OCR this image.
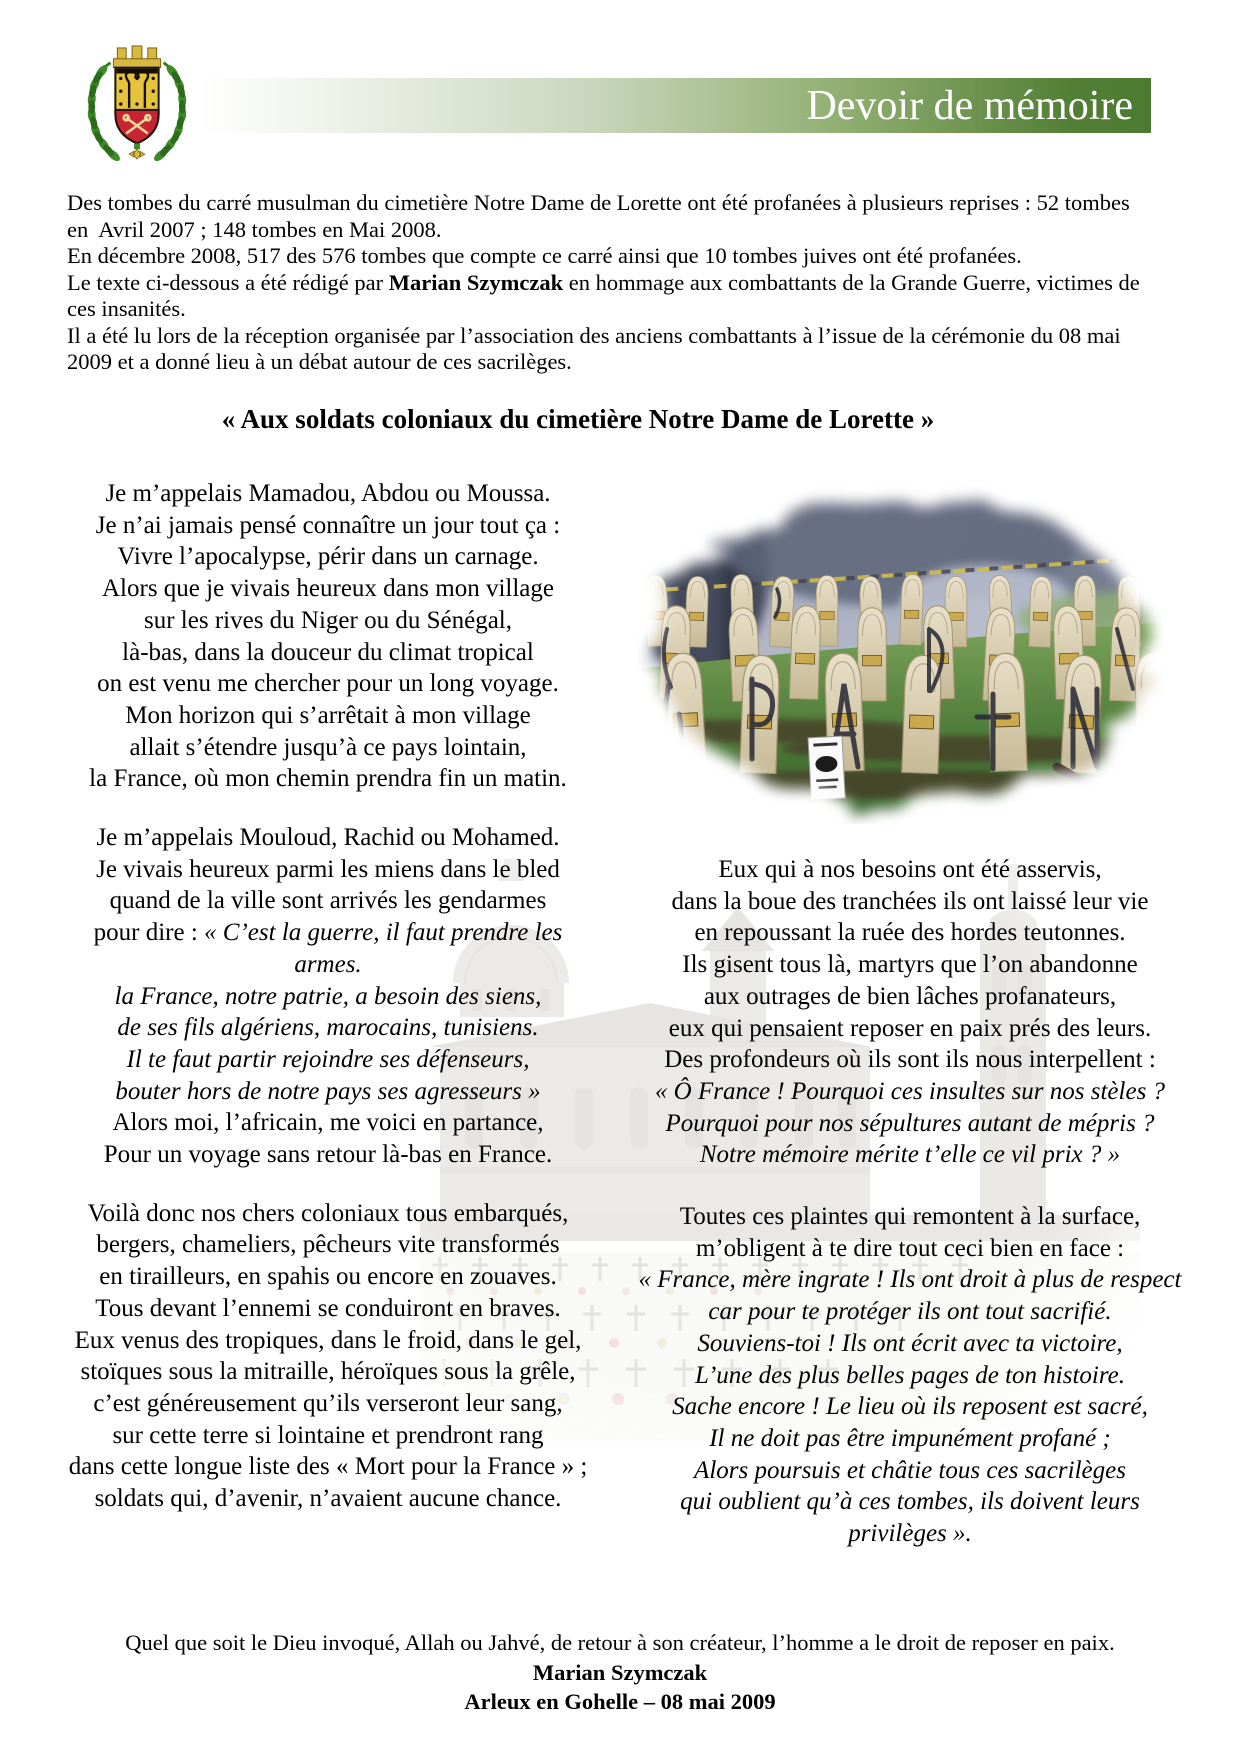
Devoir de mémoire
Des tombes du carré musulman du cimetière Notre Dame de Lorette ont été profanées à plusieurs reprises : 52 tombes
en  Avril 2007 ; 148 tombes en Mai 2008.
En décembre 2008, 517 des 576 tombes que compte ce carré ainsi que 10 tombes juives ont été profanées.
Le texte ci-dessous a été rédigé par Marian Szymczak en hommage aux combattants de la Grande Guerre, victimes de
ces insanités.
Il a été lu lors de la réception organisée par l’association des anciens combattants à l’issue de la cérémonie du 08 mai
2009 et a donné lieu à un débat autour de ces sacrilèges.
« Aux soldats coloniaux du cimetière Notre Dame de Lorette »
Je m’appelais Mamadou, Abdou ou Moussa.
Je n’ai jamais pensé connaître un jour tout ça :
Vivre l’apocalypse, périr dans un carnage.
Alors que je vivais heureux dans mon village
sur les rives du Niger ou du Sénégal,
là-bas, dans la douceur du climat tropical
on est venu me chercher pour un long voyage.
Mon horizon qui s’arrêtait à mon village
allait s’étendre jusqu’à ce pays lointain,
la France, où mon chemin prendra fin un matin.
Je m’appelais Mouloud, Rachid ou Mohamed.
Je vivais heureux parmi les miens dans le bled
quand de la ville sont arrivés les gendarmes
pour dire : « C’est la guerre, il faut prendre les armes.
la France, notre patrie, a besoin des siens,
de ses fils algériens, marocains, tunisiens.
Il te faut partir rejoindre ses défenseurs,
bouter hors de notre pays ses agresseurs »
Alors moi, l’africain, me voici en partance,
Pour un voyage sans retour là-bas en France.
Voilà donc nos chers coloniaux tous embarqués,
bergers, chameliers, pêcheurs vite transformés
en tirailleurs, en spahis ou encore en zouaves.
Tous devant l’ennemi se conduiront en braves.
Eux venus des tropiques, dans le froid, dans le gel,
stoïques sous la mitraille, héroïques sous la grêle,
c’est généreusement qu’ils verseront leur sang,
sur cette terre si lointaine et prendront rang
dans cette longue liste des « Mort pour la France » ;
soldats qui, d’avenir, n’avaient aucune chance.
Eux qui à nos besoins ont été asservis,
dans la boue des tranchées ils ont laissé leur vie
en repoussant la ruée des hordes teutonnes.
Ils gisent tous là, martyrs que l’on abandonne
aux outrages de bien lâches profanateurs,
eux qui pensaient reposer en paix prés des leurs.
Des profondeurs où ils sont ils nous interpellent :
« Ô France ! Pourquoi ces insultes sur nos stèles ?
Pourquoi pour nos sépultures autant de mépris ?
Notre mémoire mérite t’elle ce vil prix ? »
Toutes ces plaintes qui remontent à la surface,
m’obligent à te dire tout ceci bien en face :
« France, mère ingrate ! Ils ont droit à plus de respect
car pour te protéger ils ont tout sacrifié.
Souviens-toi ! Ils ont écrit avec ta victoire,
L’une des plus belles pages de ton histoire.
Sache encore ! Le lieu où ils reposent est sacré,
Il ne doit pas être impunément profané ;
Alors poursuis et châtie tous ces sacrilèges
qui oublient qu’à ces tombes, ils doivent leurs privilèges ».
Quel que soit le Dieu invoqué, Allah ou Jahvé, de retour à son créateur, l’homme a le droit de reposer en paix.
Marian Szymczak
Arleux en Gohelle – 08 mai 2009
